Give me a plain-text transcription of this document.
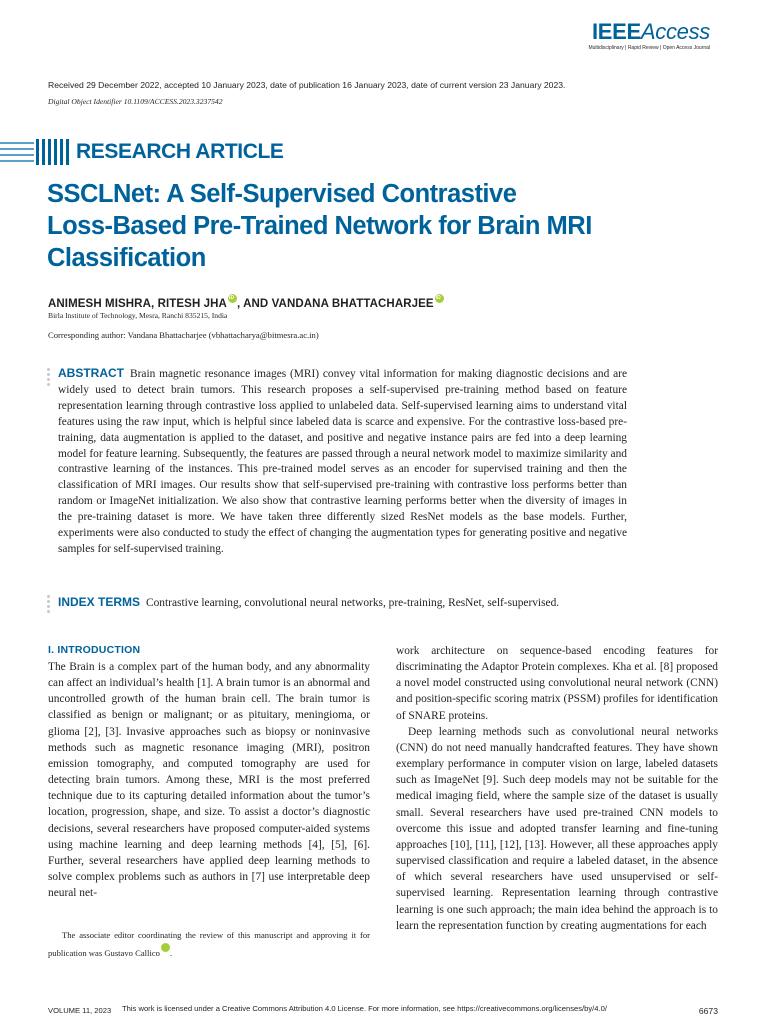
IEEEAccess
Multidisciplinary | Rapid Review | Open Access Journal
Received 29 December 2022, accepted 10 January 2023, date of publication 16 January 2023, date of current version 23 January 2023.
Digital Object Identifier 10.1109/ACCESS.2023.3237542
RESEARCH ARTICLE
SSCLNet: A Self-Supervised Contrastive
Loss-Based Pre-Trained Network for Brain MRI
Classification
ANIMESH MISHRA, RITESH JHAiD , AND VANDANA BHATTACHARJEEiD
Birla Institute of Technology, Mesra, Ranchi 835215, India
Corresponding author: Vandana Bhattacharjee (vbhattacharya@bitmesra.ac.in)
ABSTRACT Brain magnetic resonance images (MRI) convey vital information for making diagnostic decisions and are widely used to detect brain tumors. This research proposes a self-supervised pre-training method based on feature representation learning through contrastive loss applied to unlabeled data. Self-supervised learning aims to understand vital features using the raw input, which is helpful since labeled data is scarce and expensive. For the contrastive loss-based pre-training, data augmentation is applied to the dataset, and positive and negative instance pairs are fed into a deep learning model for feature learning. Subsequently, the features are passed through a neural network model to maximize similarity and contrastive learning of the instances. This pre-trained model serves as an encoder for supervised training and then the classification of MRI images. Our results show that self-supervised pre-training with contrastive loss performs better than random or ImageNet initialization. We also show that contrastive learning performs better when the diversity of images in the pre-training dataset is more. We have taken three differently sized ResNet models as the base models. Further, experiments were also conducted to study the effect of changing the augmentation types for generating positive and negative samples for self-supervised training.
INDEX TERMS Contrastive learning, convolutional neural networks, pre-training, ResNet, self-supervised.
I. INTRODUCTION

The Brain is a complex part of the human body, and any abnormality can affect an individual’s health [1]. A brain tumor is an abnormal and uncontrolled growth of the human brain cell. The brain tumor is classified as benign or malignant; or as pituitary, meningioma, or glioma [2], [3]. Invasive approaches such as biopsy or noninvasive methods such as magnetic resonance imaging (MRI), positron emission tomography, and computed tomography are used for detecting brain tumors. Among these, MRI is the most preferred technique due to its capturing detailed information about the tumor’s location, progression, shape, and size. To assist a doctor’s diagnostic decisions, several researchers have proposed computer-aided systems using machine learning and deep learning methods [4], [5], [6]. Further, several researchers have applied deep learning methods to solve complex problems such as authors in [7] use interpretable deep neural net-

work architecture on sequence-based encoding features for discriminating the Adaptor Protein complexes. Kha et al. [8] proposed a novel model constructed using convolutional neural network (CNN) and position-specific scoring matrix (PSSM) profiles for identification of SNARE proteins.

Deep learning methods such as convolutional neural networks (CNN) do not need manually handcrafted features. They have shown exemplary performance in computer vision on large, labeled datasets such as ImageNet [9]. Such deep models may not be suitable for the medical imaging field, where the sample size of the dataset is usually small. Several researchers have used pre-trained CNN models to overcome this issue and adopted transfer learning and fine-tuning approaches [10], [11], [12], [13]. However, all these approaches apply supervised classification and require a labeled dataset, in the absence of which several researchers have used unsupervised or self-supervised learning. Representation learning through contrastive learning is one such approach; the main idea behind the approach is to learn the representation function by creating augmentations for each

The associate editor coordinating the review of this manuscript and approving it for publication was Gustavo CallicoiD .

VOLUME 11, 2023 This work is licensed under a Creative Commons Attribution 4.0 License. For more information, see https://creativecommons.org/licenses/by/4.0/	6673
